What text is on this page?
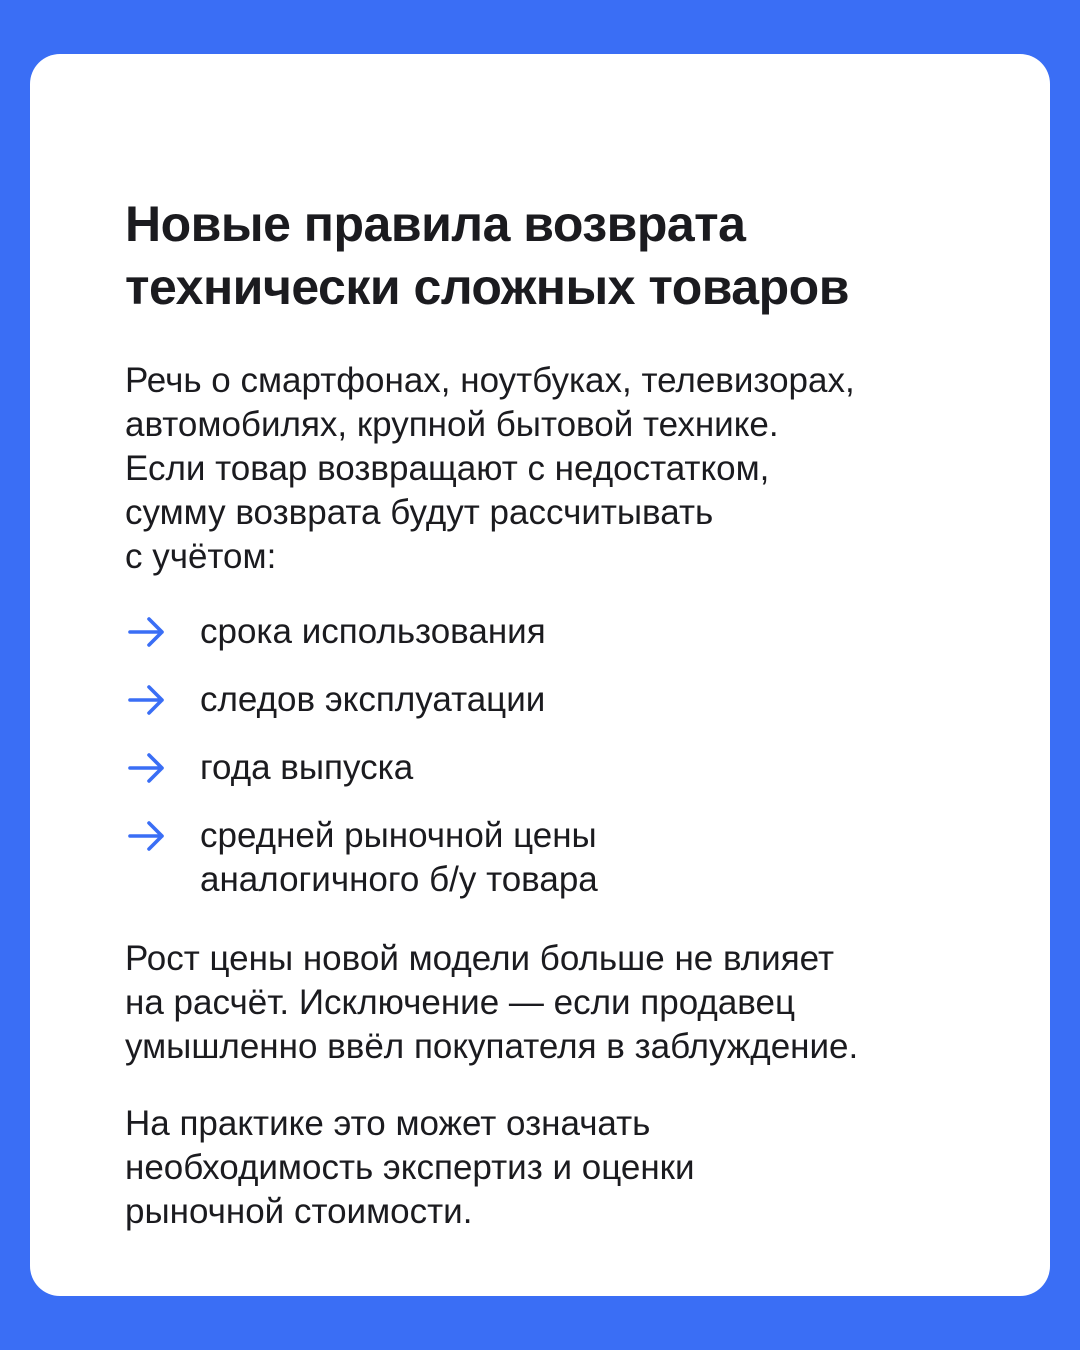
Новые правила возврата
технически сложных товаров

Речь о смартфонах, ноутбуках, телевизорах,
автомобилях, крупной бытовой технике.
Если товар возвращают с недостатком,
сумму возврата будут рассчитывать
с учётом:

срока использования
следов эксплуатации
года выпуска
средней рыночной цены
аналогичного б/у товара

Рост цены новой модели больше не влияет
на расчёт. Исключение — если продавец
умышленно ввёл покупателя в заблуждение.

На практике это может означать
необходимость экспертиз и оценки
рыночной стоимости.
